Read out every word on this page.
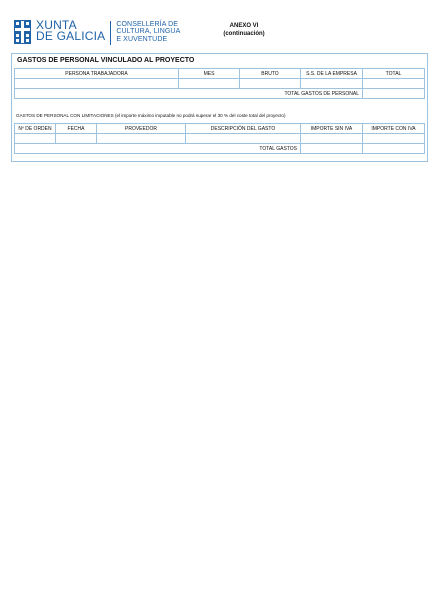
XUNTA
DE GALICIA
CONSELLERÍA DE
CULTURA, LINGUA
E XUVENTUDE
ANEXO VI
(continuación)
GASTOS DE PERSONAL VINCULADO AL PROYECTO
PERSONA TRABAJADORA	MES	BRUTO	S.S. DE LA EMPRESA	TOTAL

TOTAL GASTOS DE PERSONAL				
GASTOS DE PERSONAL CON LIMITACIONES (el importe máximo imputable no podrá superar el 30 % del coste total del proyecto)
Nº DE ORDEN	FECHA	PROVEEDOR	DESCRIPCIÓN DEL GASTO	IMPORTE SIN IVA	IMPORTE CON IVA

TOTAL GASTOS					
